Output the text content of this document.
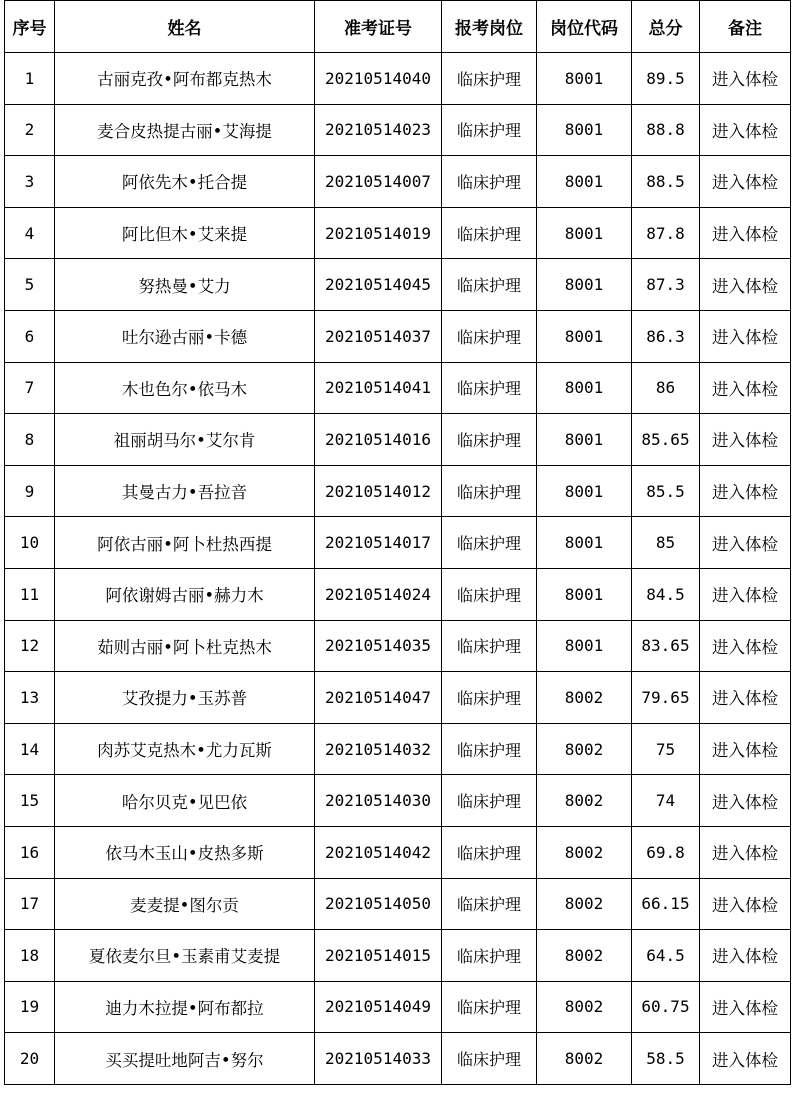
序号	姓名	准考证号	报考岗位	岗位代码	总分	备注
1	古丽克孜•阿布都克热木	20210514040	临床护理	8001	89.5	进入体检
2	麦合皮热提古丽•艾海提	20210514023	临床护理	8001	88.8	进入体检
3	阿依先木•托合提	20210514007	临床护理	8001	88.5	进入体检
4	阿比但木•艾来提	20210514019	临床护理	8001	87.8	进入体检
5	努热曼•艾力	20210514045	临床护理	8001	87.3	进入体检
6	吐尔逊古丽•卡德	20210514037	临床护理	8001	86.3	进入体检
7	木也色尔•依马木	20210514041	临床护理	8001	86	进入体检
8	祖丽胡马尔•艾尔肯	20210514016	临床护理	8001	85.65	进入体检
9	其曼古力•吾拉音	20210514012	临床护理	8001	85.5	进入体检
10	阿依古丽•阿卜杜热西提	20210514017	临床护理	8001	85	进入体检
11	阿依谢姆古丽•赫力木	20210514024	临床护理	8001	84.5	进入体检
12	茹则古丽•阿卜杜克热木	20210514035	临床护理	8001	83.65	进入体检
13	艾孜提力•玉苏普	20210514047	临床护理	8002	79.65	进入体检
14	肉苏艾克热木•尤力瓦斯	20210514032	临床护理	8002	75	进入体检
15	哈尔贝克•见巴依	20210514030	临床护理	8002	74	进入体检
16	依马木玉山•皮热多斯	20210514042	临床护理	8002	69.8	进入体检
17	麦麦提•图尔贡	20210514050	临床护理	8002	66.15	进入体检
18	夏依麦尔旦•玉素甫艾麦提	20210514015	临床护理	8002	64.5	进入体检
19	迪力木拉提•阿布都拉	20210514049	临床护理	8002	60.75	进入体检
20	买买提吐地阿吉•努尔	20210514033	临床护理	8002	58.5	进入体检
